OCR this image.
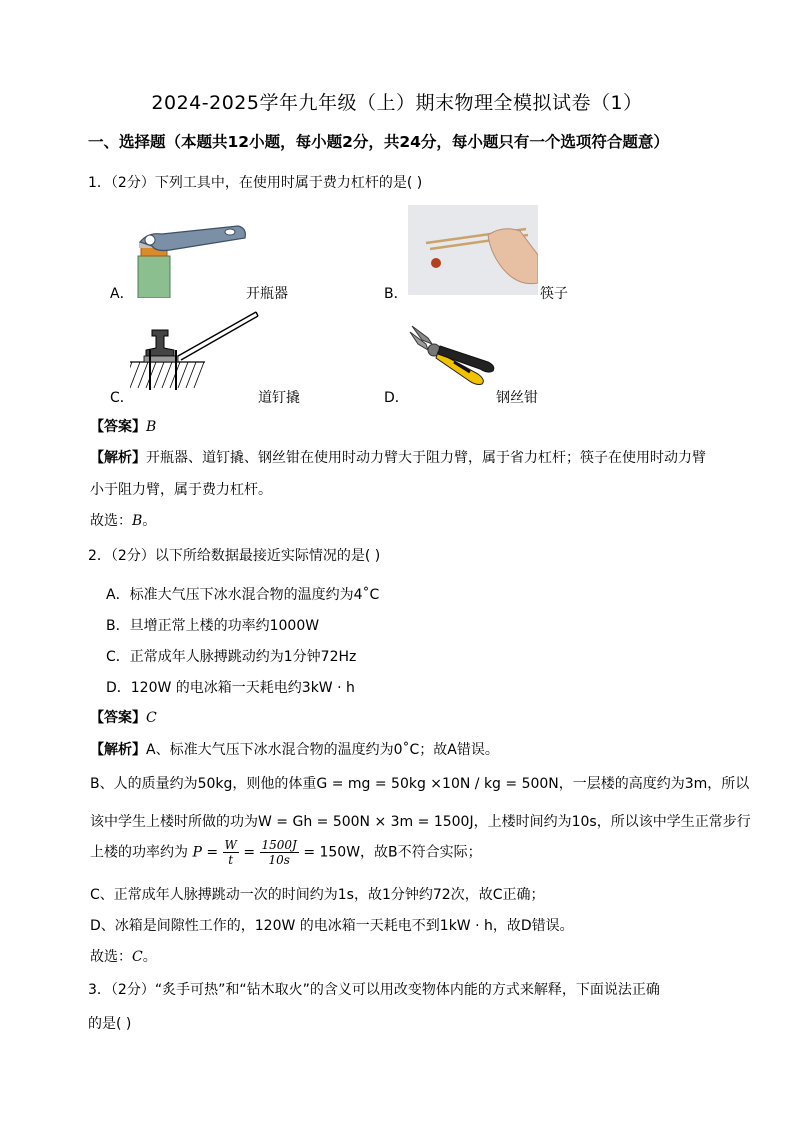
2024-2025学年九年级（上）期末物理全模拟试卷（1）
一、选择题（本题共12小题，每小题2分，共24分，每小题只有一个选项符合题意）
1．（2分）下列工具中，在使用时属于费力杠杆的是( )
A．	开瓶器	B．	筷子
C．	道钉撬	D．	钢丝钳
【答案】B
【解析】开瓶器、道钉撬、钢丝钳在使用时动力臂大于阻力臂，属于省力杠杆；筷子在使用时动力臂
小于阻力臂，属于费力杠杆。
故选：B。
2．（2分）以下所给数据最接近实际情况的是( )
A．标准大气压下冰水混合物的温度约为4˚C
B．旦增正常上楼的功率约1000W
C．正常成年人脉搏跳动约为1分钟72Hz
D．120W 的电冰箱一天耗电约3kW · h
【答案】C
【解析】A、标准大气压下冰水混合物的温度约为0˚C；故A错误。
B、人的质量约为50kg，则他的体重G = mg = 50kg ×10N / kg = 500N，一层楼的高度约为3m，所以
该中学生上楼时所做的功为W = Gh = 500N × 3m = 1500J，上楼时间约为10s，所以该中学生正常步行
上楼的功率约为 $P = \frac{W}{t} = \frac{1500J}{10s} = 150W$，故B不符合实际；
C、正常成年人脉搏跳动一次的时间约为1s，故1分钟约72次，故C正确；
D、冰箱是间隙性工作的，120W 的电冰箱一天耗电不到1kW · h，故D错误。
故选：C。
3．（2分）“炙手可热”和“钻木取火”的含义可以用改变物体内能的方式来解释，下面说法正确
的是( )
